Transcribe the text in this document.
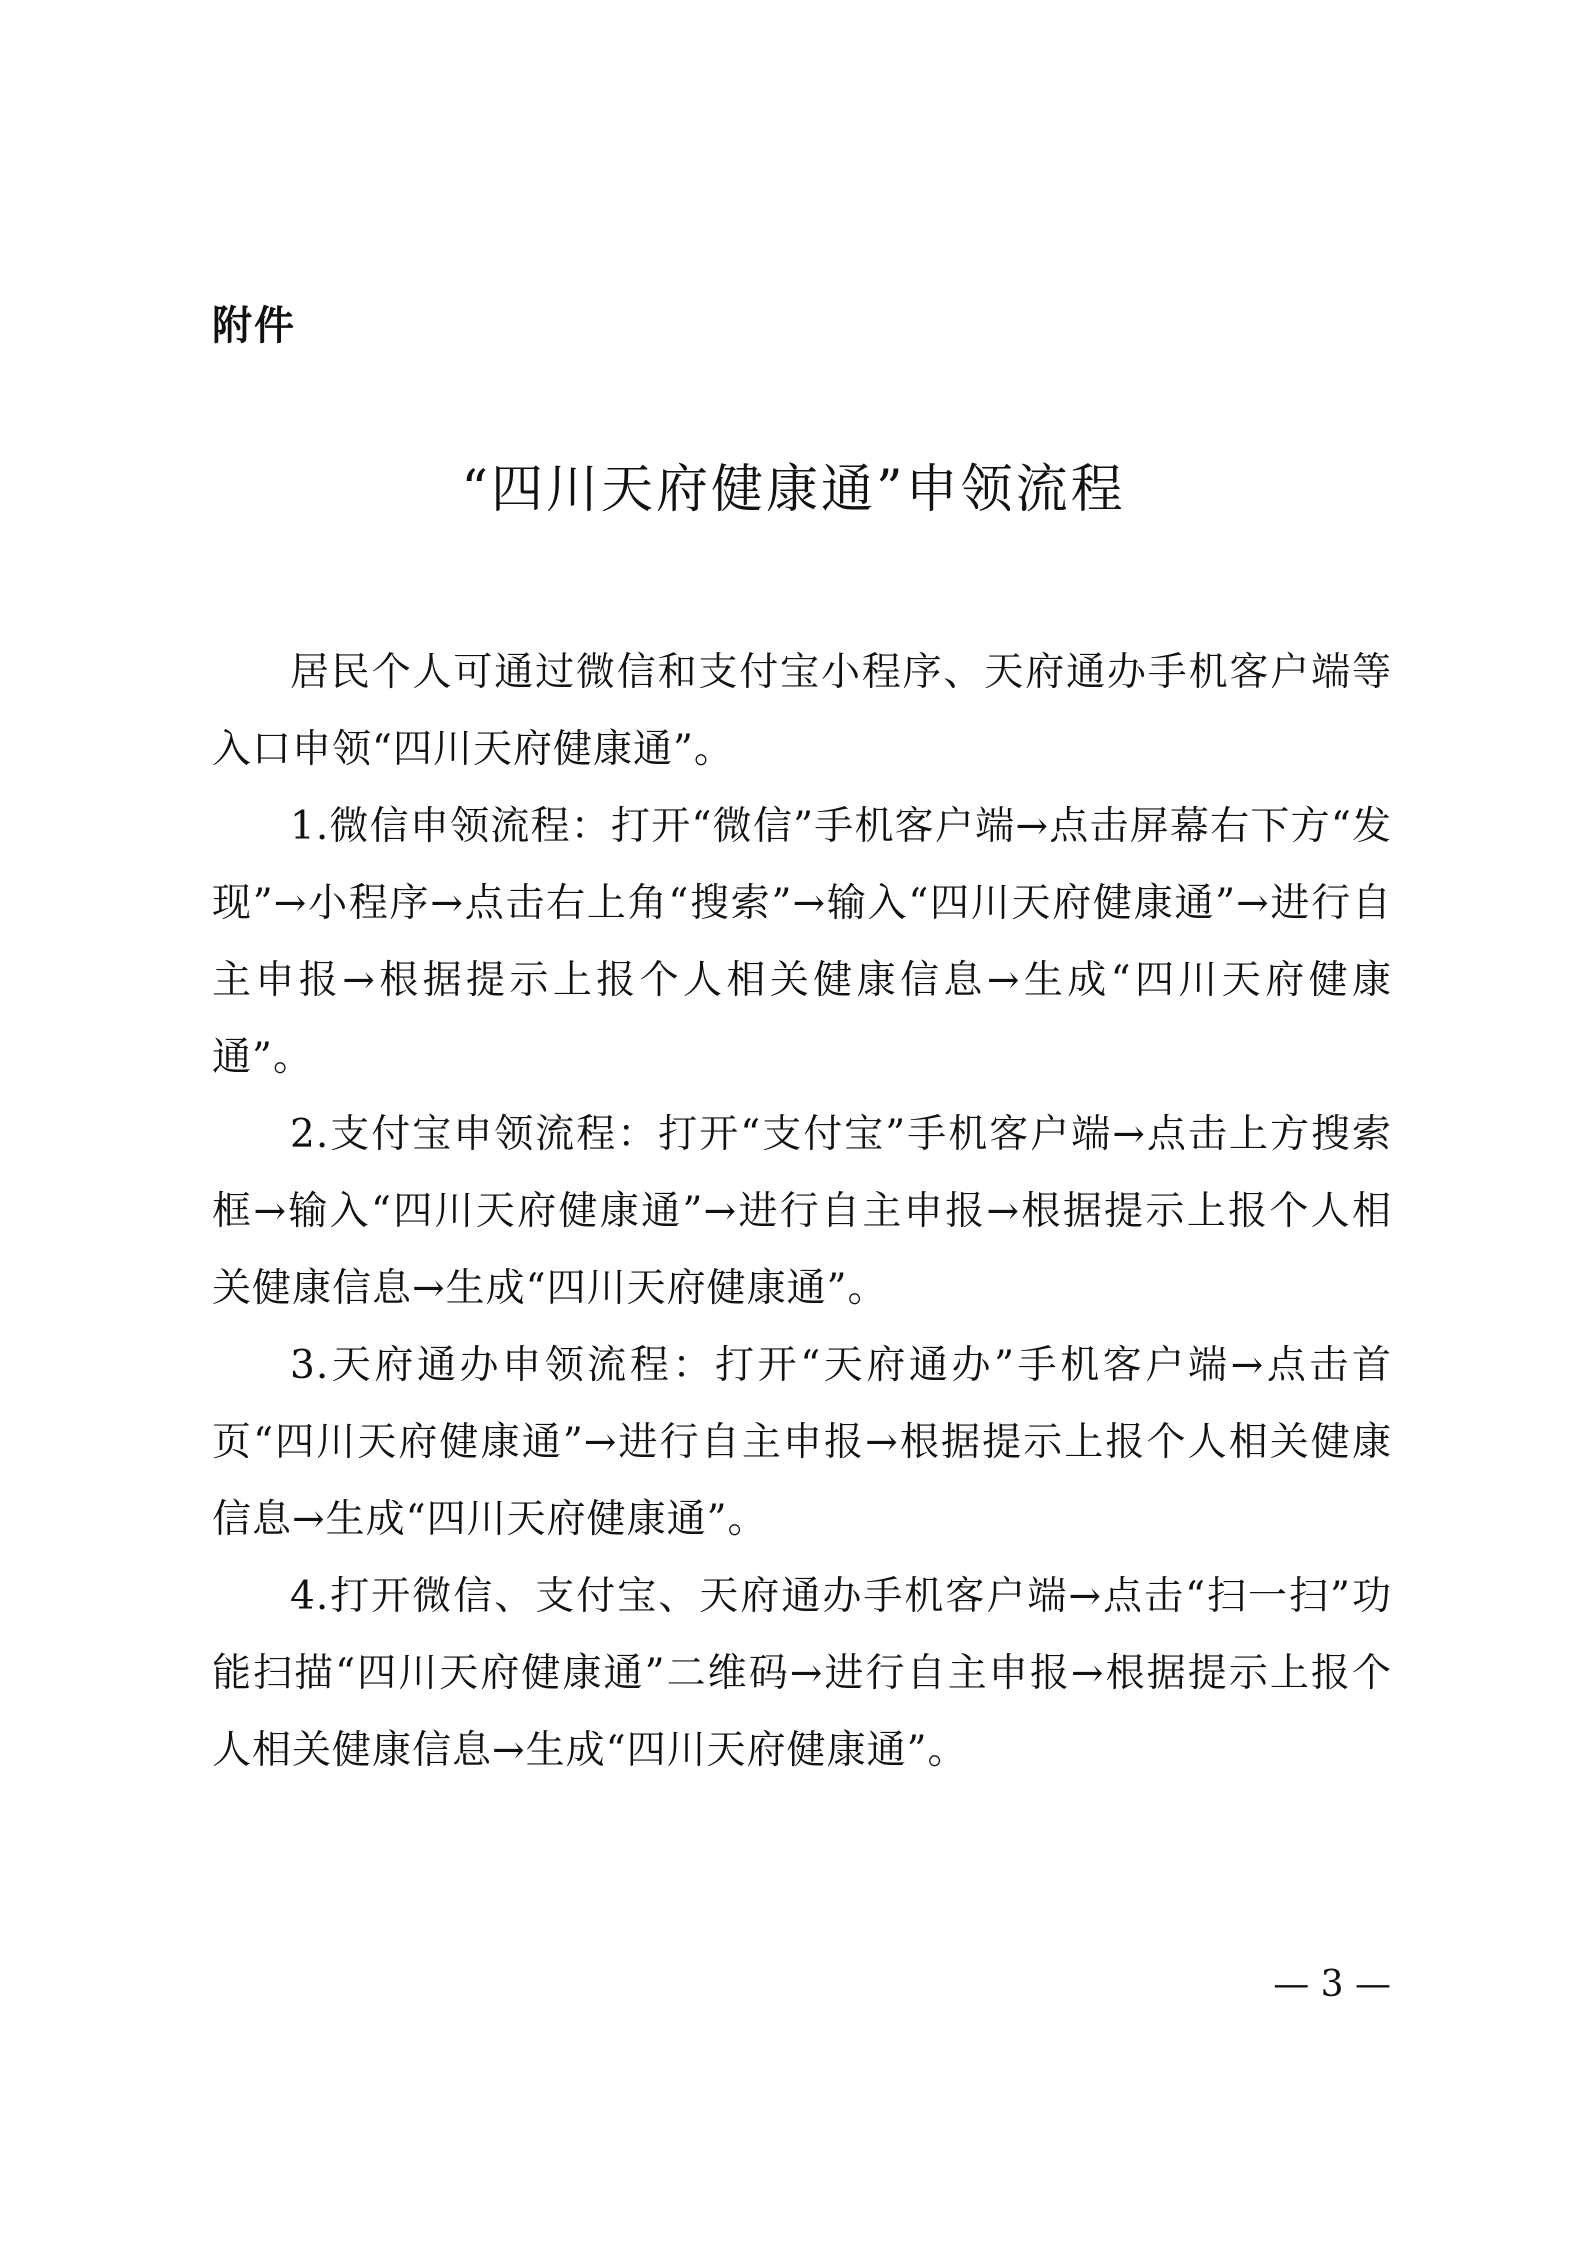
附件
“四川天府健康通”申领流程

居民个人可通过微信和支付宝小程序、天府通办手机客户端等入口申领“四川天府健康通”。

1.微信申领流程：打开“微信”手机客户端→点击屏幕右下方“发现”→小程序→点击右上角“搜索”→输入“四川天府健康通”→进行自主申报→根据提示上报个人相关健康信息→生成“四川天府健康通”。

2.支付宝申领流程：打开“支付宝”手机客户端→点击上方搜索框→输入“四川天府健康通”→进行自主申报→根据提示上报个人相关健康信息→生成“四川天府健康通”。

3.天府通办申领流程：打开“天府通办”手机客户端→点击首页“四川天府健康通”→进行自主申报→根据提示上报个人相关健康信息→生成“四川天府健康通”。

4.打开微信、支付宝、天府通办手机客户端→点击“扫一扫”功能扫描“四川天府健康通”二维码→进行自主申报→根据提示上报个人相关健康信息→生成“四川天府健康通”。

— 3 —
